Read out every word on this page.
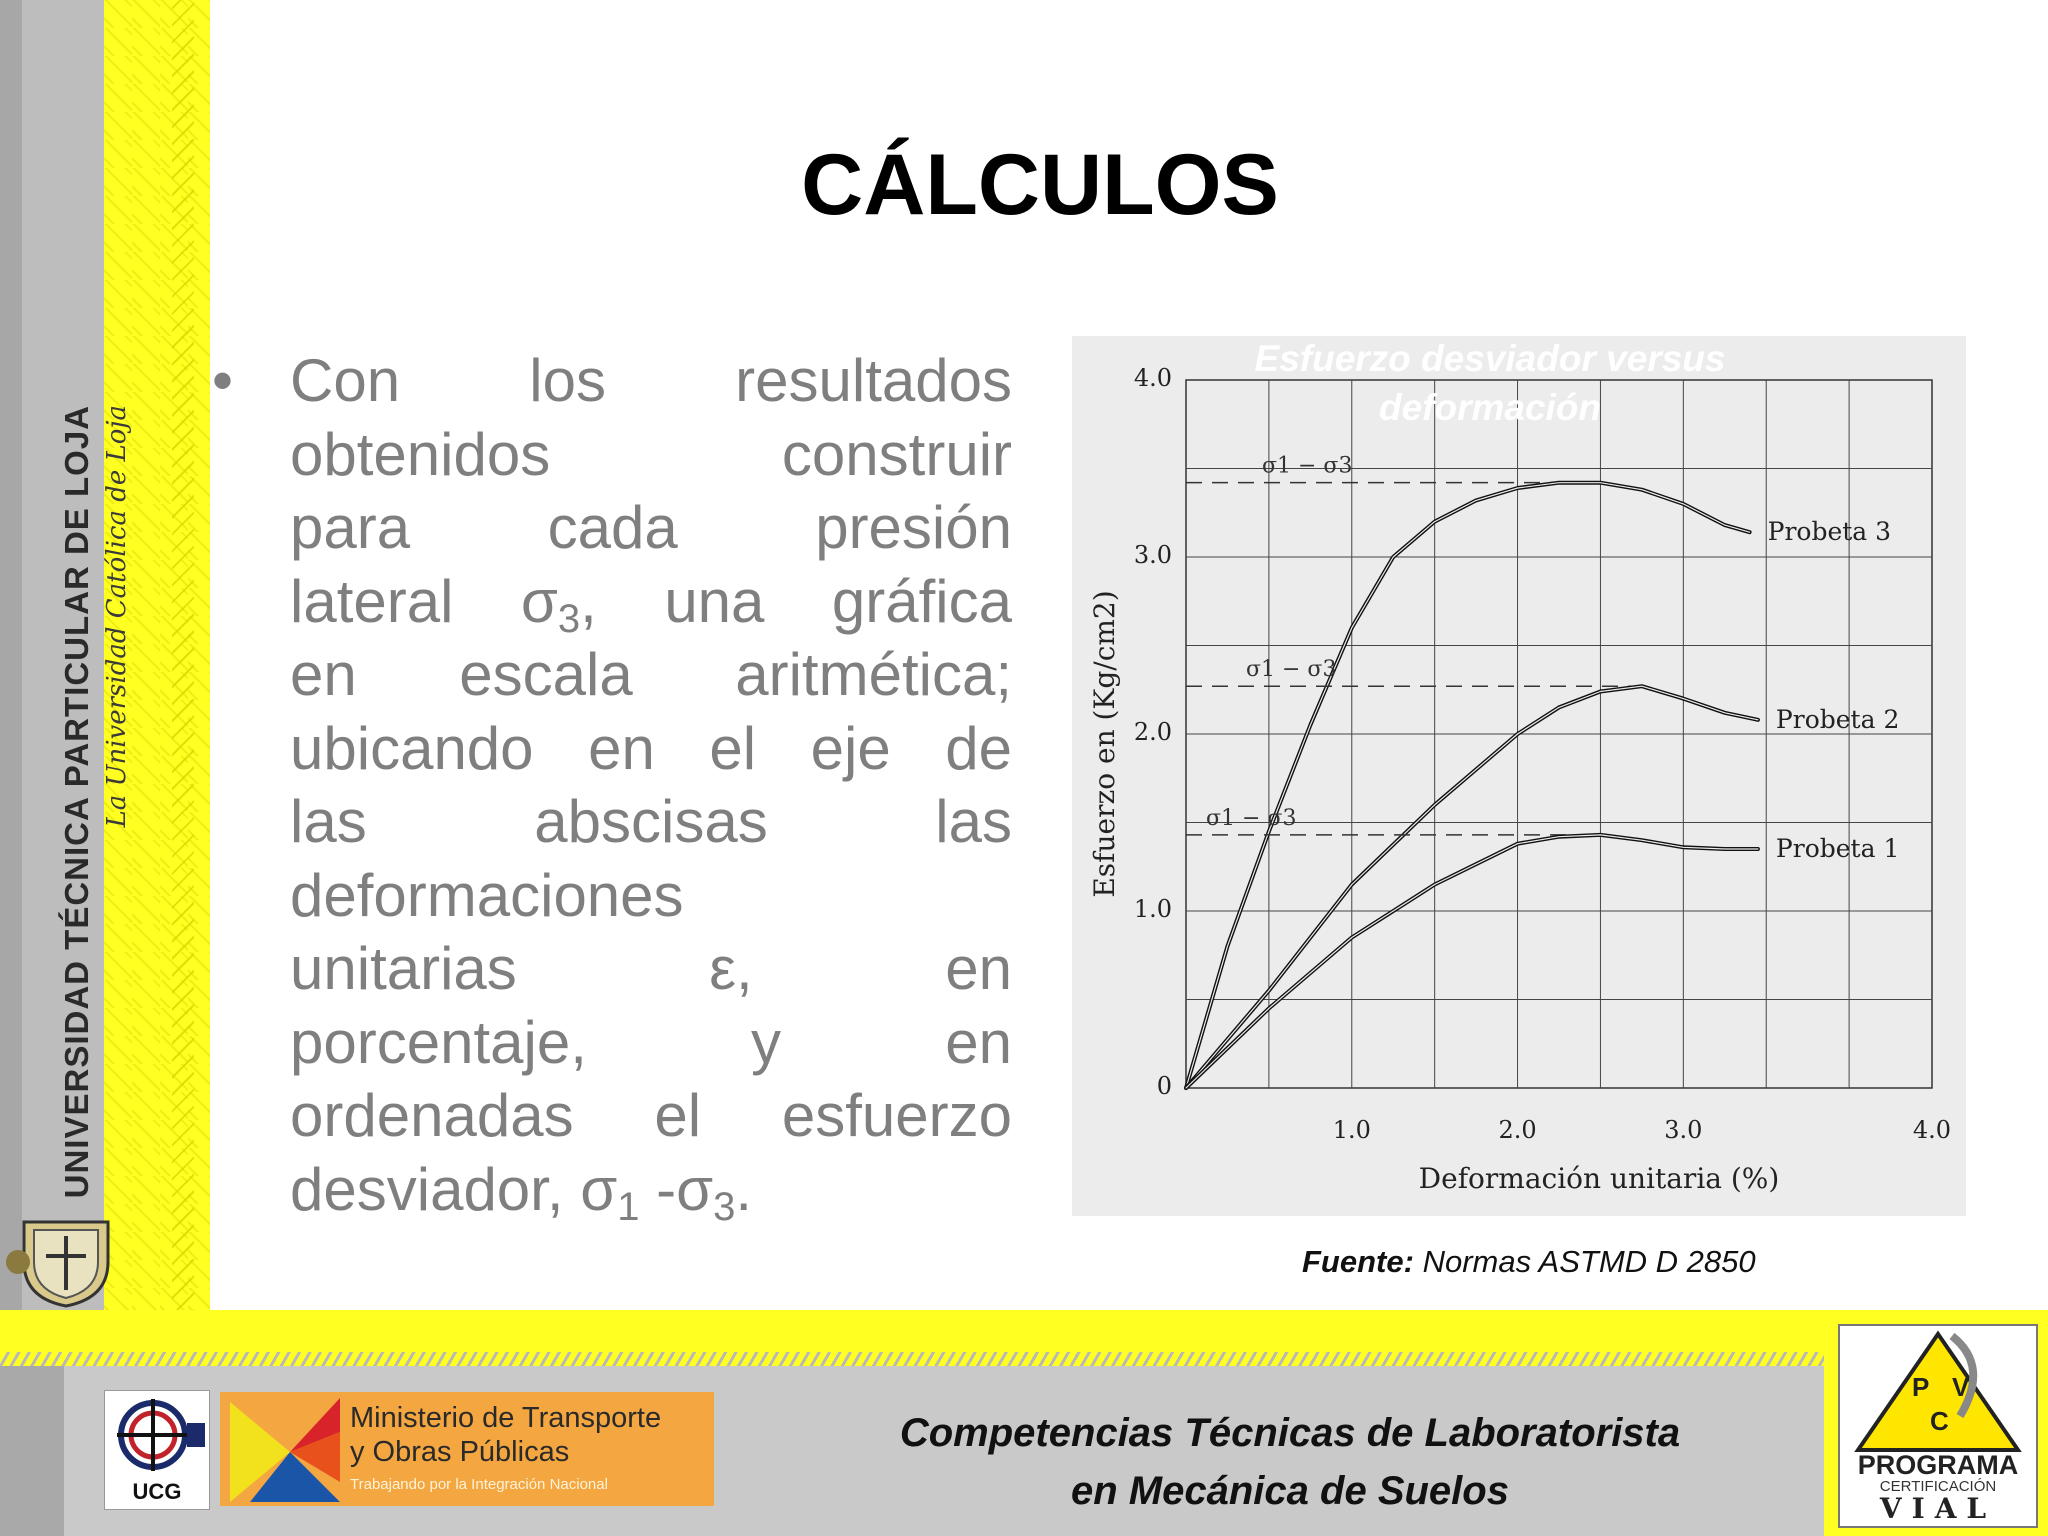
UNIVERSIDAD TÉCNICA PARTICULAR DE LOJA La Universidad Católica de Loja
CÁLCULOS
• Con los resultados
obtenidos construir
para cada presión
lateral $\sigma_3$, una gráfica
en escala aritmética;
ubicando en el eje de
las abscisas las
deformaciones
unitarias ε, en
porcentaje, y en
ordenadas el esfuerzo
desviador, $\sigma_1$ $-\sigma_3$.
0
1.0
2.0
3.0
4.0
1.0	2.0	3.0	4.0
Deformación unitaria (%)
Esfuerzo en (Kg/cm2)
σ1 − σ3
Probeta 3
σ1 − σ3
Probeta 2
σ1 − σ3
Probeta 1
Esfuerzo desviador versus deformación
Fuente: Normas ASTMD D 2850
UCG
Ministerio de Transporte
y Obras Públicas
Trabajando por la Integración Nacional
Competencias Técnicas de Laboratorista
en Mecánica de Suelos
P V
C
PROGRAMA
CERTIFICACIÓN
VIAL
